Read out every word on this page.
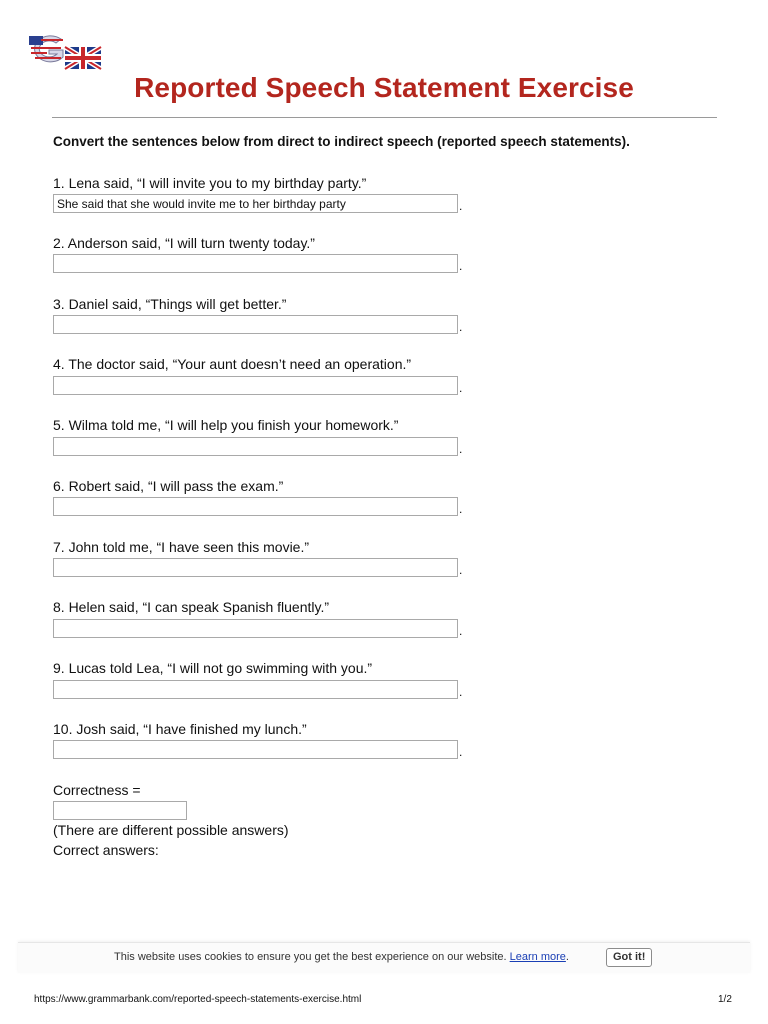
Reported Speech Statement Exercise
Convert the sentences below from direct to indirect speech (reported speech statements).
1. Lena said, “I will invite you to my birthday party.”
She said that she would invite me to her birthday party	.
2. Anderson said, “I will turn twenty today.”
.
3. Daniel said, “Things will get better.”
.
4. The doctor said, “Your aunt doesn’t need an operation.”
.
5. Wilma told me, “I will help you finish your homework.”
.
6. Robert said, “I will pass the exam.”
.
7. John told me, “I have seen this movie.”
.
8. Helen said, “I can speak Spanish fluently.”
.
9. Lucas told Lea, “I will not go swimming with you.”
.
10. Josh said, “I have finished my lunch.”
.
Correctness =
(There are different possible answers)
Correct answers:
This website uses cookies to ensure you get the best experience on our website. Learn more.	Got it!
https://www.grammarbank.com/reported-speech-statements-exercise.html	1/2
